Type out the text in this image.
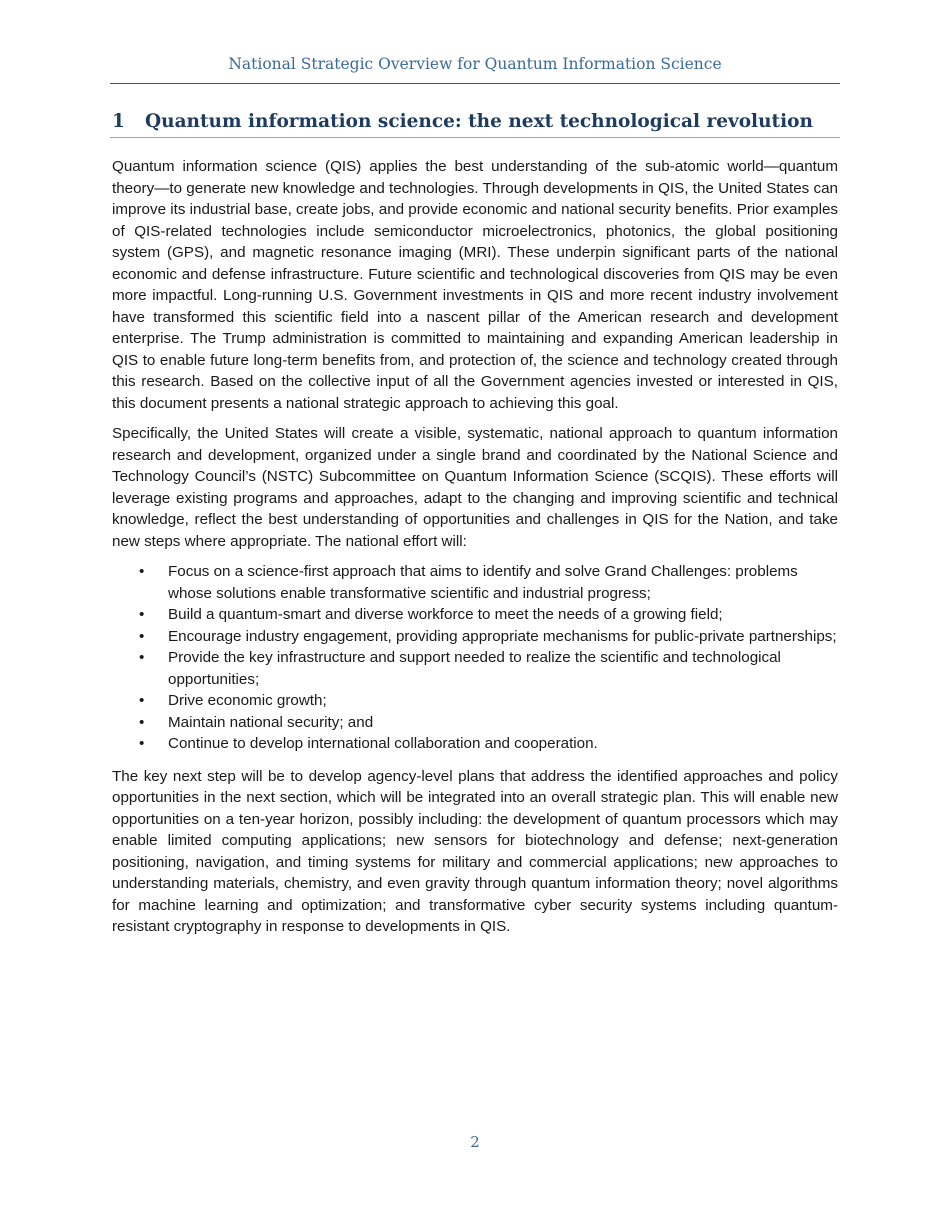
National Strategic Overview for Quantum Information Science
1 Quantum information science: the next technological revolution

Quantum information science (QIS) applies the best understanding of the sub-atomic world—quantum theory—to generate new knowledge and technologies. Through developments in QIS, the United States can improve its industrial base, create jobs, and provide economic and national security benefits. Prior examples of QIS-related technologies include semiconductor microelectronics, photonics, the global positioning system (GPS), and magnetic resonance imaging (MRI). These underpin significant parts of the national economic and defense infrastructure. Future scientific and technological discoveries from QIS may be even more impactful. Long-running U.S. Government investments in QIS and more recent industry involvement have transformed this scientific field into a nascent pillar of the American research and development enterprise. The Trump administration is committed to maintaining and expanding American leadership in QIS to enable future long-term benefits from, and protection of, the science and technology created through this research. Based on the collective input of all the Government agencies invested or interested in QIS, this document presents a national strategic approach to achieving this goal.

Specifically, the United States will create a visible, systematic, national approach to quantum information research and development, organized under a single brand and coordinated by the National Science and Technology Council’s (NSTC) Subcommittee on Quantum Information Science (SCQIS). These efforts will leverage existing programs and approaches, adapt to the changing and improving scientific and technical knowledge, reflect the best understanding of opportunities and challenges in QIS for the Nation, and take new steps where appropriate. The national effort will:

• Focus on a science-first approach that aims to identify and solve Grand Challenges: problems whose solutions enable transformative scientific and industrial progress;
• Build a quantum-smart and diverse workforce to meet the needs of a growing field;
• Encourage industry engagement, providing appropriate mechanisms for public-private partnerships;
• Provide the key infrastructure and support needed to realize the scientific and technological opportunities;
• Drive economic growth;
• Maintain national security; and
• Continue to develop international collaboration and cooperation.

The key next step will be to develop agency-level plans that address the identified approaches and policy opportunities in the next section, which will be integrated into an overall strategic plan. This will enable new opportunities on a ten-year horizon, possibly including: the development of quantum processors which may enable limited computing applications; new sensors for biotechnology and defense; next-generation positioning, navigation, and timing systems for military and commercial applications; new approaches to understanding materials, chemistry, and even gravity through quantum information theory; novel algorithms for machine learning and optimization; and transformative cyber security systems including quantum-resistant cryptography in response to developments in QIS.

2
